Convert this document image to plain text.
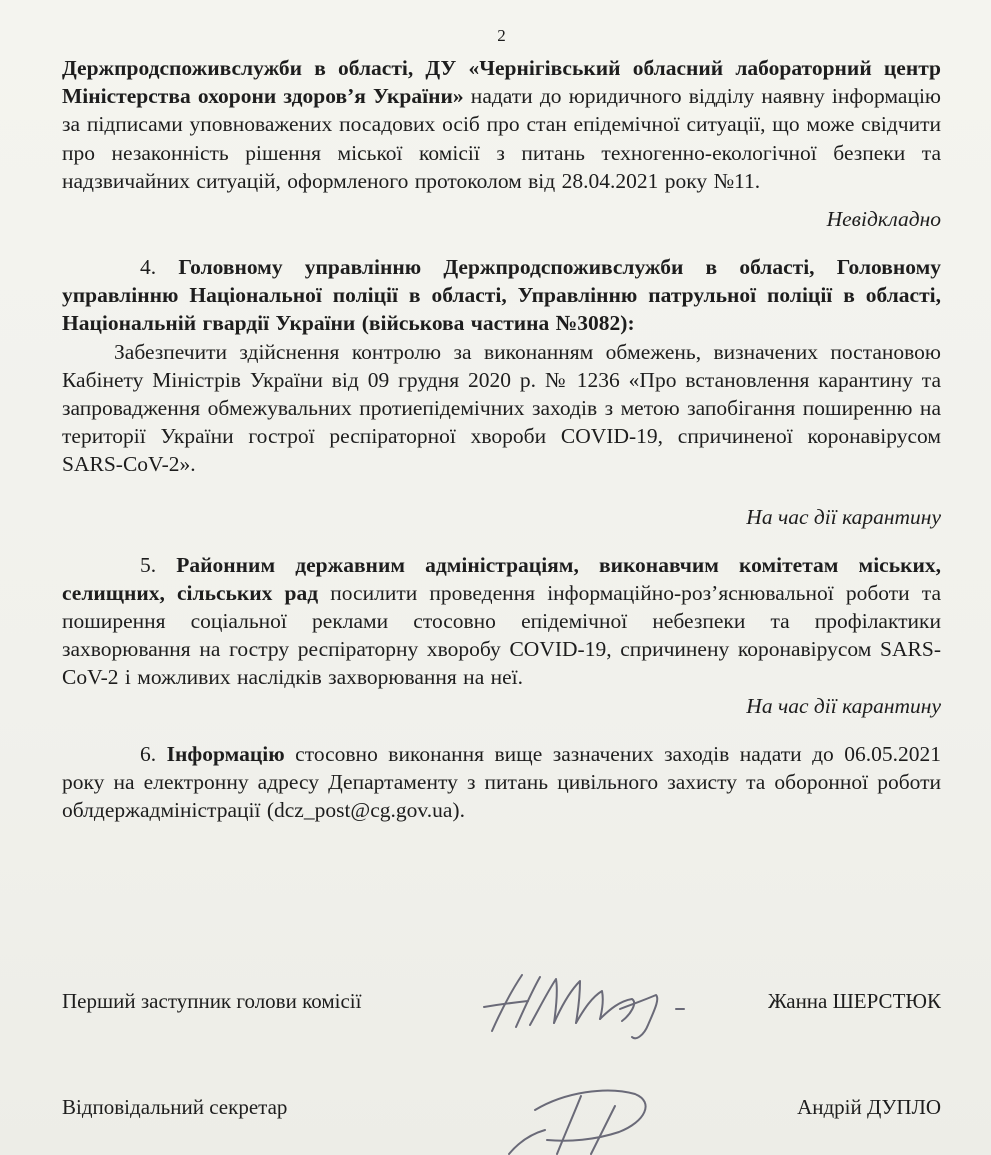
2

Держпродспоживслужби в області, ДУ «Чернігівський обласний лабораторний центр Міністерства охорони здоров’я України» надати до юридичного відділу наявну інформацію за підписами уповноважених посадових осіб про стан епідемічної ситуації, що може свідчити про незаконність рішення міської комісії з питань техногенно-екологічної безпеки та надзвичайних ситуацій, оформленого протоколом від 28.04.2021 року №11.

Невідкладно

4. Головному управлінню Держпродспоживслужби в області, Головному управлінню Національної поліції в області, Управлінню патрульної поліції в області, Національній гвардії України (військова частина №3082):

Забезпечити здійснення контролю за виконанням обмежень, визначених постановою Кабінету Міністрів України від 09 грудня 2020 р. № 1236 «Про встановлення карантину та запровадження обмежувальних протиепідемічних заходів з метою запобігання поширенню на території України гострої респіраторної хвороби COVID-19, спричиненої коронавірусом SARS-CoV-2».

На час дії карантину

5. Районним державним адміністраціям, виконавчим комітетам міських, селищних, сільських рад посилити проведення інформаційно-роз’яснювальної роботи та поширення соціальної реклами стосовно епідемічної небезпеки та профілактики захворювання на гостру респіраторну хворобу COVID-19, спричинену коронавірусом SARS-CoV-2 і можливих наслідків захворювання на неї.

На час дії карантину

6. Інформацію стосовно виконання вище зазначених заходів надати до 06.05.2021 року на електронну адресу Департаменту з питань цивільного захисту та оборонної роботи облдержадміністрації (dcz_post@cg.gov.ua).

Перший заступник голови комісії	Жанна ШЕРСТЮК
Відповідальний секретар	Андрій ДУПЛО
